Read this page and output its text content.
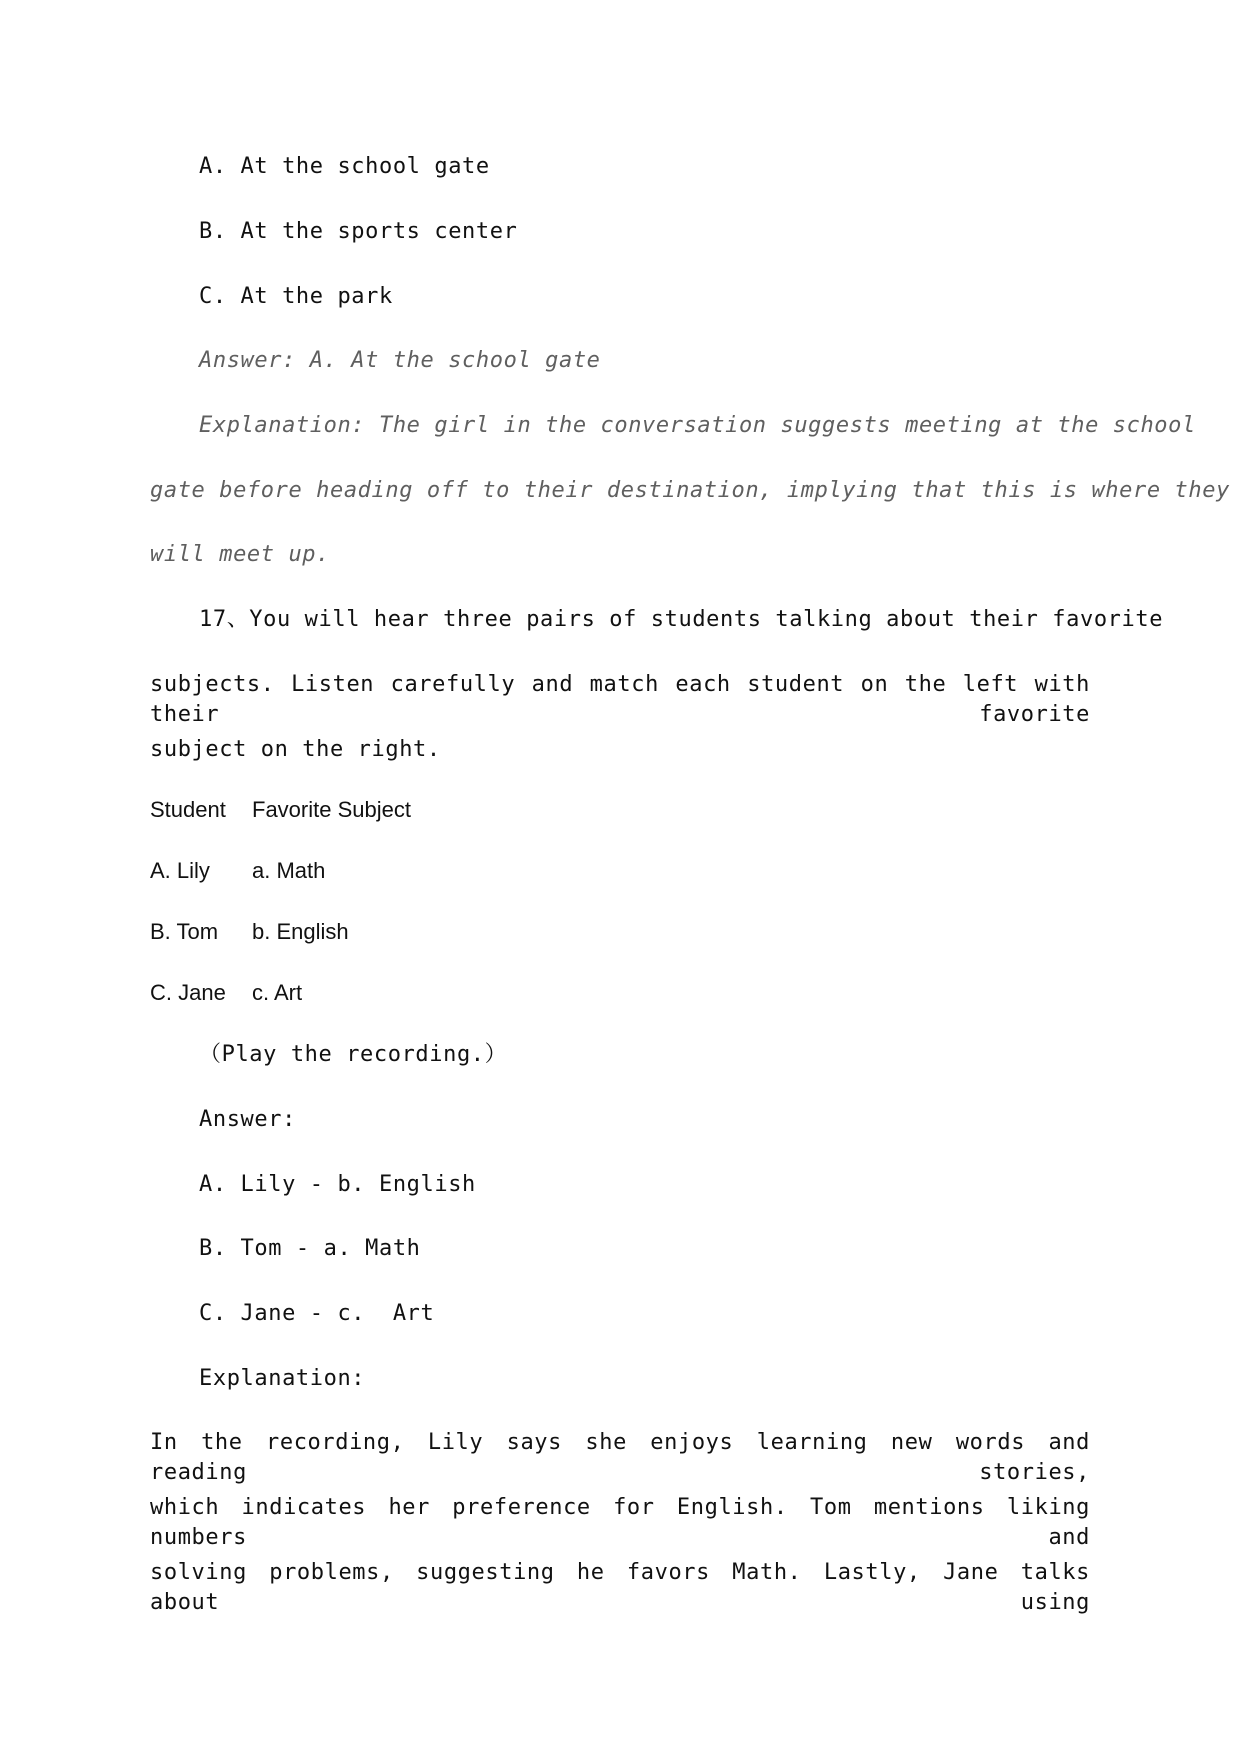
A. At the school gate
B. At the sports center
C. At the park
Answer: A. At the school gate
Explanation: The girl in the conversation suggests meeting at the school
gate before heading off to their destination, implying that this is where they
will meet up.
17、You will hear three pairs of students talking about their favorite
subjects. Listen carefully and match each student on the left with their favorite
subject on the right.
Student Favorite Subject
A. Lily a. Math
B. Tom b. English
C. Jane c. Art
（Play the recording.）
Answer:
A. Lily - b. English
B. Tom - a. Math
C. Jane - c.  Art
Explanation:
In the recording, Lily says she enjoys learning new words and reading stories,
which indicates her preference for English. Tom mentions liking numbers and
solving problems, suggesting he favors Math. Lastly, Jane talks about using
